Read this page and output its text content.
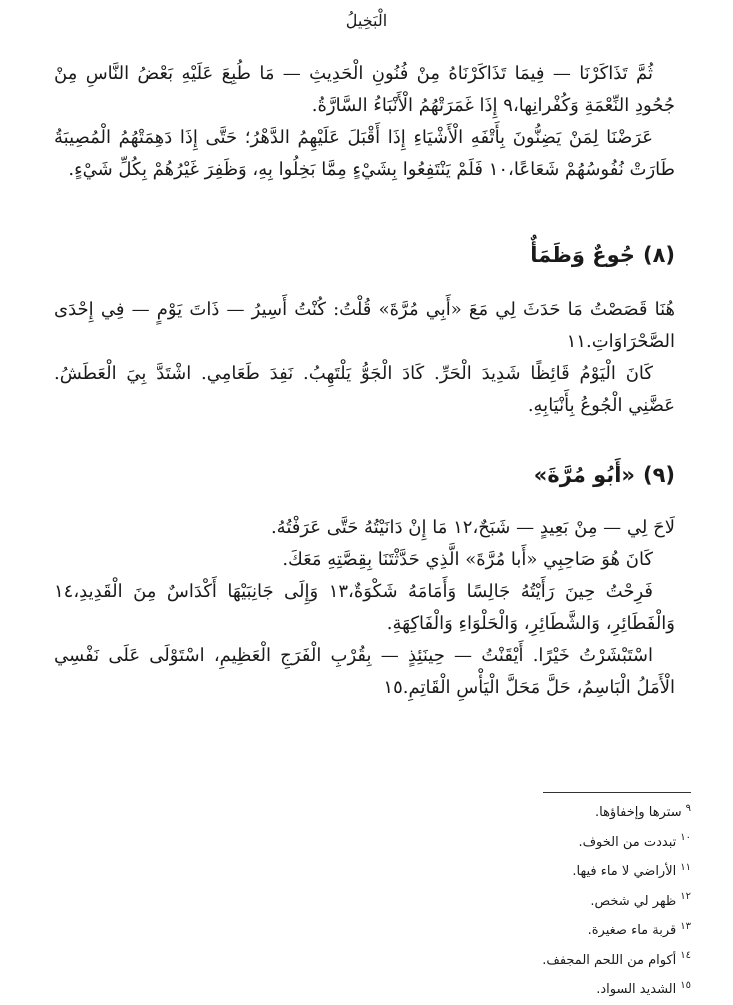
الْبَخِيلُ

ثُمَّ تَذَاكَرْنَا — فِيمَا تَذَاكَرْنَاهُ مِنْ فُنُونِ الْحَدِيثِ — مَا طُبِعَ عَلَيْهِ بَعْضُ النَّاسِ مِنْ جُحُودِ النِّعْمَةِ وَكُفْرانِها،٩ إِذَا غَمَرَتْهُمُ الْأَنْبَاءُ السَّارَّةُ.

عَرَضْنَا لِمَنْ يَضِنُّونَ بِأَتْفَهِ الْأَشْيَاءِ إِذَا أَقْبَلَ عَلَيْهِمُ الدَّهْرُ؛ حَتَّى إِذَا دَهِمَتْهُمُ الْمُصِيبَةُ طَارَتْ نُفُوسُهُمْ شَعَاعًا،١٠ فَلَمْ يَنْتَفِعُوا بِشَيْءٍ مِمَّا بَخِلُوا بِهِ، وَظَفِرَ غَيْرُهُمْ بِكُلِّ شَيْءٍ.

(٨)جُوعٌ وَظَمَأٌ

هُنَا قَصَصْتُ مَا حَدَثَ لِي مَعَ «أَبِي مُرَّةَ» قُلْتُ: كُنْتُ أَسِيرُ — ذَاتَ يَوْمٍ — فِي إِحْدَى الصَّحْرَاوَاتِ.١١

كَانَ الْيَوْمُ قَائِظًا شَدِيدَ الْحَرِّ. كَادَ الْجَوُّ يَلْتَهِبُ. نَفِدَ طَعَامِي. اشْتَدَّ بِيَ الْعَطَشُ. عَضَّنِي الْجُوعُ بِأَنْيَابِهِ.

(٩)«أَبُو مُرَّةَ»

لَاحَ لِي — مِنْ بَعِيدٍ — شَبَحٌ،١٢ مَا إِنْ دَانَيْتُهُ حَتَّى عَرَفْتُهُ.

كَانَ هُوَ صَاحِبِي «أَبا مُرَّةَ» الَّذِي حَدَّثْتَنَا بِقِصَّتِهِ مَعَكَ.

فَرِحْتُ حِينَ رَأَيْتُهُ جَالِسًا وَأَمَامَهُ شَكْوَةٌ،١٣ وَإِلَى جَانِبَيْهَا أَكْدَاسٌ مِنَ الْقَدِيدِ،١٤ وَالْفَطَائِرِ، وَالشَّطَائِرِ، وَالْحَلْوَاءِ وَالْفَاكِهَةِ.

اسْتَبْشَرْتُ خَيْرًا. أَيْقَنْتُ — حِينَئِذٍ — بِقُرْبِ الْفَرَجِ الْعَظِيمِ، اسْتَوْلَى عَلَى نَفْسِي الْأَمَلُ الْبَاسِمُ، حَلَّ مَحَلَّ الْيَأْسِ الْقَاتِمِ.١٥

$^٩$سترها وإخفاؤها.
$^{١٠}$تبددت من الخوف.
$^{١١}$الأراضي لا ماء فيها.
$^{١٢}$ظهر لي شخص.
$^{١٣}$قربة ماء صغيرة.
$^{١٤}$أكوام من اللحم المجفف.
$^{١٥}$الشديد السواد.
